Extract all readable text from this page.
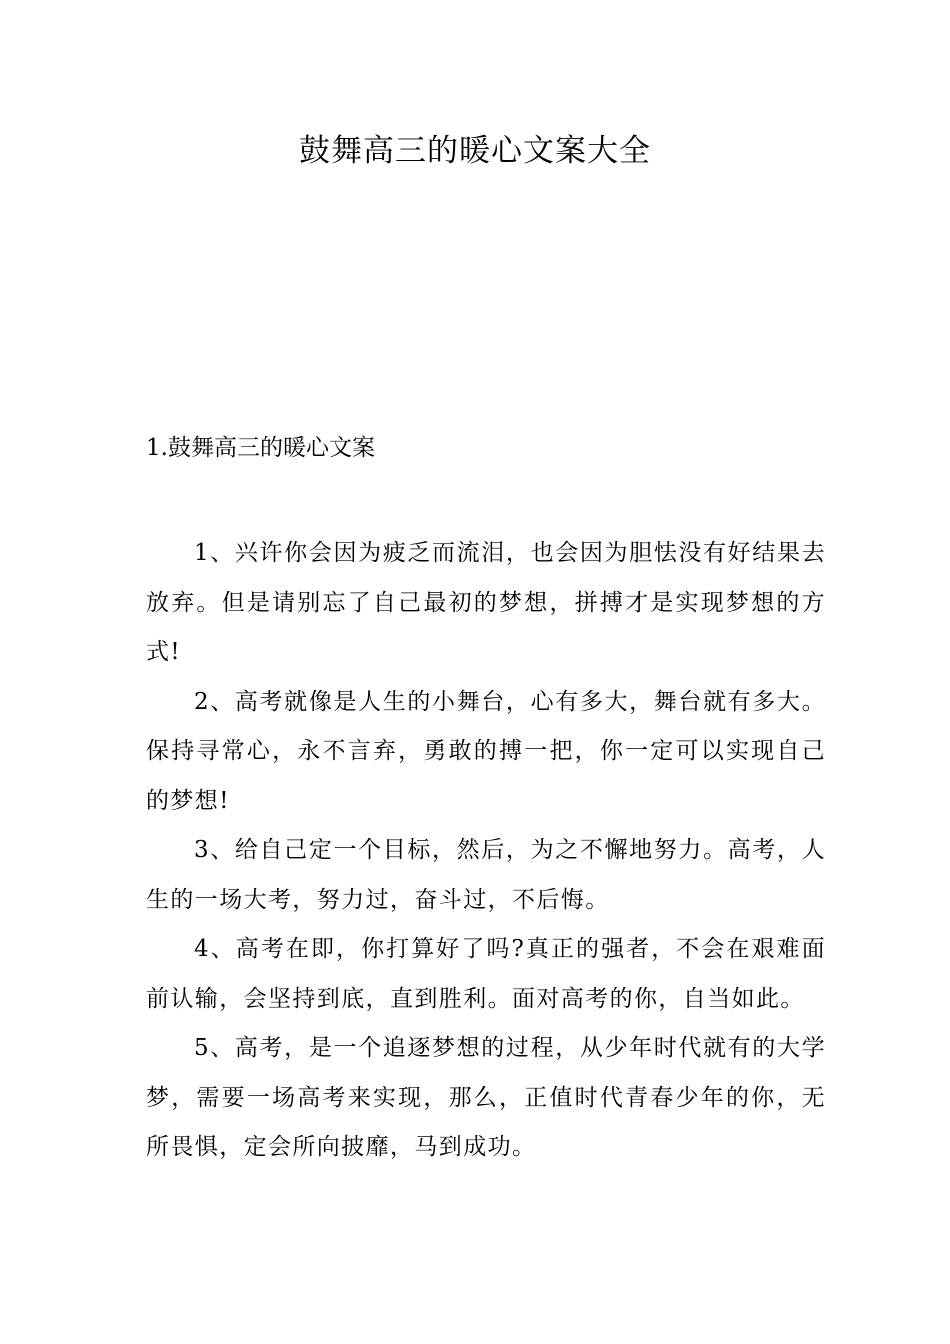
鼓舞高三的暖心文案大全
1.鼓舞高三的暖心文案

1、兴许你会因为疲乏而流泪，也会因为胆怯没有好结果去放弃。但是请别忘了自己最初的梦想，拼搏才是实现梦想的方式!

2、高考就像是人生的小舞台，心有多大，舞台就有多大。保持寻常心，永不言弃，勇敢的搏一把，你一定可以实现自己的梦想!

3、给自己定一个目标，然后，为之不懈地努力。高考，人生的一场大考，努力过，奋斗过，不后悔。

4、高考在即，你打算好了吗?真正的强者，不会在艰难面前认输，会坚持到底，直到胜利。面对高考的你，自当如此。

5、高考，是一个追逐梦想的过程，从少年时代就有的大学梦，需要一场高考来实现，那么，正值时代青春少年的你，无所畏惧，定会所向披靡，马到成功。
